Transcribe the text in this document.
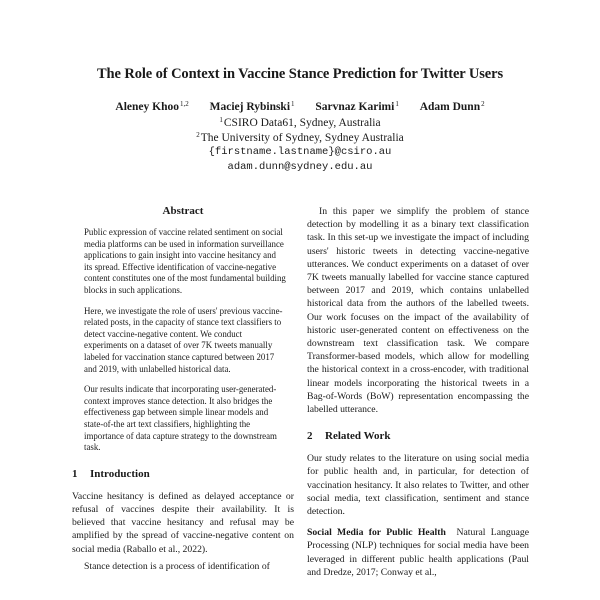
The Role of Context in Vaccine Stance Prediction for Twitter Users
Aleney Khoo$^{1,2}$ Maciej Rybinski$^1$ Sarvnaz Karimi$^1$ Adam Dunn$^2$
$^1$CSIRO Data61, Sydney, Australia
$^2$The University of Sydney, Sydney Australia
{firstname.lastname}@csiro.au
adam.dunn@sydney.edu.au
Abstract

Public expression of vaccine related sentiment on social media platforms can be used in information surveillance applications to gain insight into vaccine hesitancy and its spread. Effective identification of vaccine-negative content constitutes one of the most fundamental building blocks in such applications.

Here, we investigate the role of users' previous vaccine-related posts, in the capacity of stance text classifiers to detect vaccine-negative content. We conduct experiments on a dataset of over 7K tweets manually labeled for vaccination stance captured between 2017 and 2019, with unlabelled historical data.

Our results indicate that incorporating user-generated-context improves stance detection. It also bridges the effectiveness gap between simple linear models and state-of-the art text classifiers, highlighting the importance of data capture strategy to the downstream task.

1 Introduction

Vaccine hesitancy is defined as delayed acceptance or refusal of vaccines despite their availability. It is believed that vaccine hesitancy and refusal may be amplified by the spread of vaccine-negative content on social media (Raballo et al., 2022).

Stance detection is a process of identification of

In this paper we simplify the problem of stance detection by modelling it as a binary text classification task. In this set-up we investigate the impact of including users' historic tweets in detecting vaccine-negative utterances. We conduct experiments on a dataset of over 7K tweets manually labelled for vaccine stance captured between 2017 and 2019, which contains unlabelled historical data from the authors of the labelled tweets. Our work focuses on the impact of the availability of historic user-generated content on effectiveness on the downstream text classification task. We compare Transformer-based models, which allow for modelling the historical context in a cross-encoder, with traditional linear models incorporating the historical tweets in a Bag-of-Words (BoW) representation encompassing the labelled utterance.

2 Related Work

Our study relates to the literature on using social media for public health and, in particular, for detection of vaccination hesitancy. It also relates to Twitter, and other social media, text classification, sentiment and stance detection.

Social Media for Public Health Natural Language Processing (NLP) techniques for social media have been leveraged in different public health applications (Paul and Dredze, 2017; Conway et al.,
